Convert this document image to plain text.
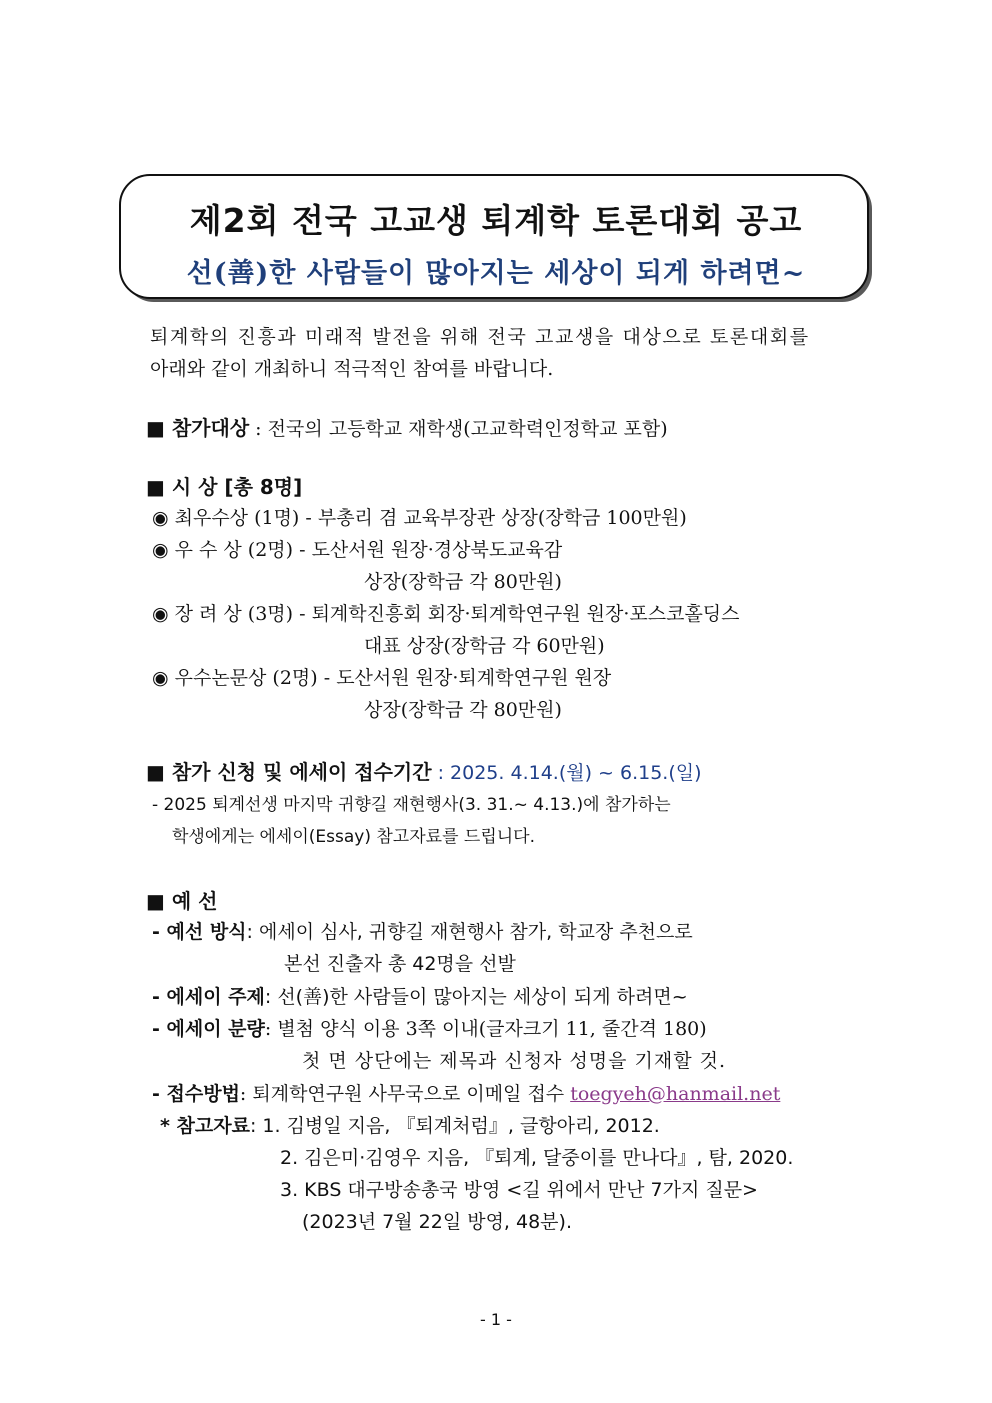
제2회 전국 고교생 퇴계학 토론대회 공고
선(善)한 사람들이 많아지는 세상이 되게 하려면~
퇴계학의 진흥과 미래적 발전을 위해 전국 고교생을 대상으로 토론대회를
아래와 같이 개최하니 적극적인 참여를 바랍니다.
■ 참가대상 : 전국의 고등학교 재학생(고교학력인정학교 포함)
■ 시 상 [총 8명]
◉ 최우수상 (1명) - 부총리 겸 교육부장관 상장(장학금 100만원)
◉ 우 수 상 (2명) - 도산서원 원장·경상북도교육감
상장(장학금 각 80만원)
◉ 장 려 상 (3명) - 퇴계학진흥회 회장·퇴계학연구원 원장·포스코홀딩스
대표 상장(장학금 각 60만원)
◉ 우수논문상 (2명) - 도산서원 원장·퇴계학연구원 원장
상장(장학금 각 80만원)
■ 참가 신청 및 에세이 접수기간 : 2025. 4.14.(월) ~ 6.15.(일)
- 2025 퇴계선생 마지막 귀향길 재현행사(3. 31.~ 4.13.)에 참가하는
학생에게는 에세이(Essay) 참고자료를 드립니다.
■ 예 선
- 예선 방식: 에세이 심사, 귀향길 재현행사 참가, 학교장 추천으로
본선 진출자 총 42명을 선발
- 에세이 주제: 선(善)한 사람들이 많아지는 세상이 되게 하려면~
- 에세이 분량: 별첨 양식 이용 3쪽 이내(글자크기 11, 줄간격 180)
첫 면 상단에는 제목과 신청자 성명을 기재할 것.
- 접수방법: 퇴계학연구원 사무국으로 이메일 접수 toegyeh@hanmail.net
* 참고자료: 1. 김병일 지음, 『퇴계처럼』, 글항아리, 2012.
2. 김은미·김영우 지음, 『퇴계, 달중이를 만나다』, 탐, 2020.
3. KBS 대구방송총국 방영 <길 위에서 만난 7가지 질문>
(2023년 7월 22일 방영, 48분).
- 1 -
